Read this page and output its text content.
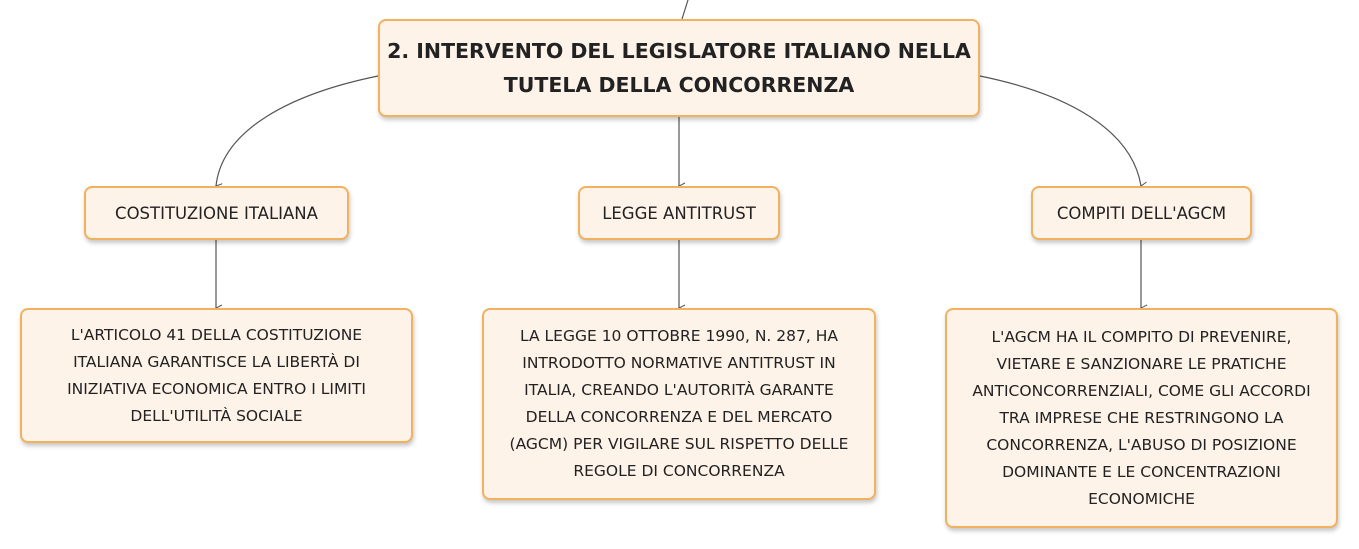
2. INTERVENTO DEL LEGISLATORE ITALIANO NELLA
TUTELA DELLA CONCORRENZA
COSTITUZIONE ITALIANA	LEGGE ANTITRUST	COMPITI DELL'AGCM
L'ARTICOLO 41 DELLA COSTITUZIONE
ITALIANA GARANTISCE LA LIBERTÀ DI
INIZIATIVA ECONOMICA ENTRO I LIMITI
DELL'UTILITÀ SOCIALE
LA LEGGE 10 OTTOBRE 1990, N. 287, HA
INTRODOTTO NORMATIVE ANTITRUST IN
ITALIA, CREANDO L'AUTORITÀ GARANTE
DELLA CONCORRENZA E DEL MERCATO
(AGCM) PER VIGILARE SUL RISPETTO DELLE
REGOLE DI CONCORRENZA
L'AGCM HA IL COMPITO DI PREVENIRE,
VIETARE E SANZIONARE LE PRATICHE
ANTICONCORRENZIALI, COME GLI ACCORDI
TRA IMPRESE CHE RESTRINGONO LA
CONCORRENZA, L'ABUSO DI POSIZIONE
DOMINANTE E LE CONCENTRAZIONI
ECONOMICHE
